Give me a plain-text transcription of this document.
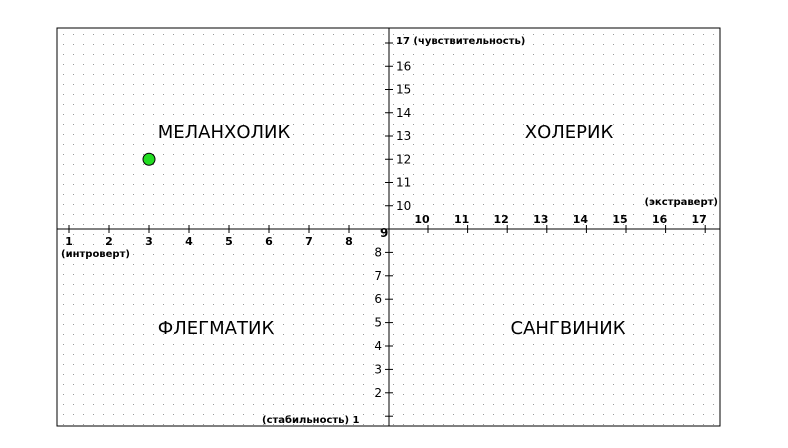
1	2	3	4	5	6	7	8
10 11 12 13 14 15 16 17
2
3
4
5
6
7
8
10
11
12
13
14
15
16
17 (чувствительность)
(стабильность) 1
9
(интроверт)
(экстраверт)
МЕЛАНХОЛИК	ХОЛЕРИК
ФЛЕГМАТИК	САНГВИНИК
